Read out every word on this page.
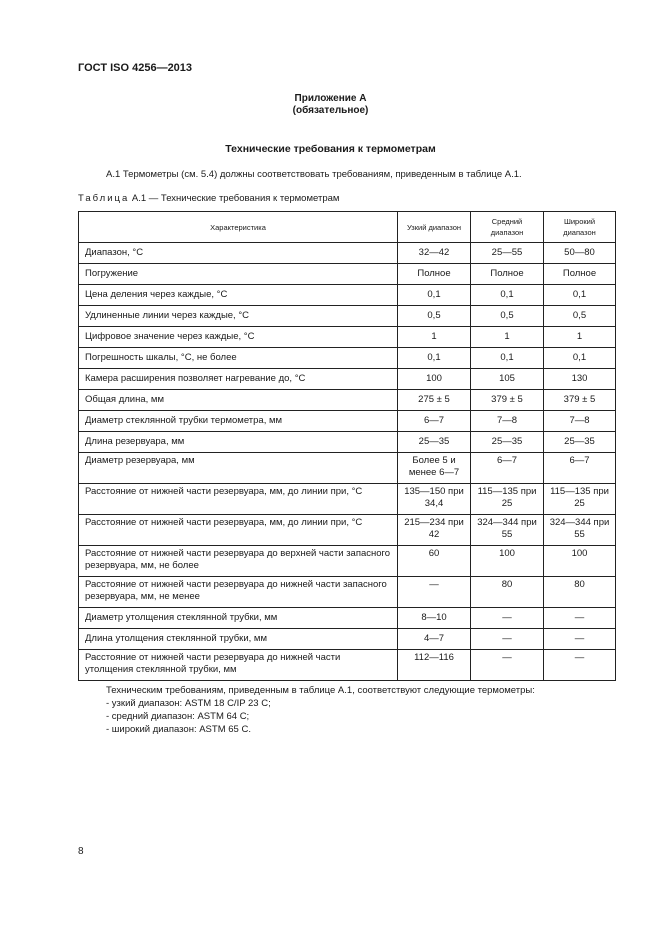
ГОСТ ISO 4256—2013
Приложение А
(обязательное)
Технические требования к термометрам
А.1 Термометры (см. 5.4) должны соответствовать требованиям, приведенным в таблице А.1.
Таблица А.1 — Технические требования к термометрам
Характеристика	Узкий диапазон	Средний диапазон	Широкий диапазон
Диапазон, °С	32—42	25—55	50—80
Погружение	Полное	Полное	Полное
Цена деления через каждые, °С	0,1	0,1	0,1
Удлиненные линии через каждые, °С	0,5	0,5	0,5
Цифровое значение через каждые, °С	1	1	1
Погрешность шкалы, °С, не более	0,1	0,1	0,1
Камера расширения позволяет нагревание до, °С	100	105	130
Общая длина, мм	275 ± 5	379 ± 5	379 ± 5
Диаметр стеклянной трубки термометра, мм	6—7	7—8	7—8
Длина резервуара, мм	25—35	25—35	25—35
Диаметр резервуара, мм	Более 5 и менее 6—7	6—7	6—7
Расстояние от нижней части резервуара, мм, до линии при, °С	135—150 при 34,4	115—135 при 25	115—135 при 25
Расстояние от нижней части резервуара, мм, до линии при, °С	215—234 при 42	324—344 при 55	324—344 при 55
Расстояние от нижней части резервуара до верхней части запасного резервуара, мм, не более	60	100	100
Расстояние от нижней части резервуара до нижней части запасного резервуара, мм, не менее	—	80	80
Диаметр утолщения стеклянной трубки, мм	8—10	—	—
Длина утолщения стеклянной трубки, мм	4—7	—	—
Расстояние от нижней части резервуара до нижней части утолщения стеклянной трубки, мм	112—116	—	—
Техническим требованиям, приведенным в таблице А.1, соответствуют следующие термометры:
- узкий диапазон: ASTM 18 C/IP 23 C;
- средний диапазон: ASTM 64 C;
- широкий диапазон: ASTM 65 C.
8
